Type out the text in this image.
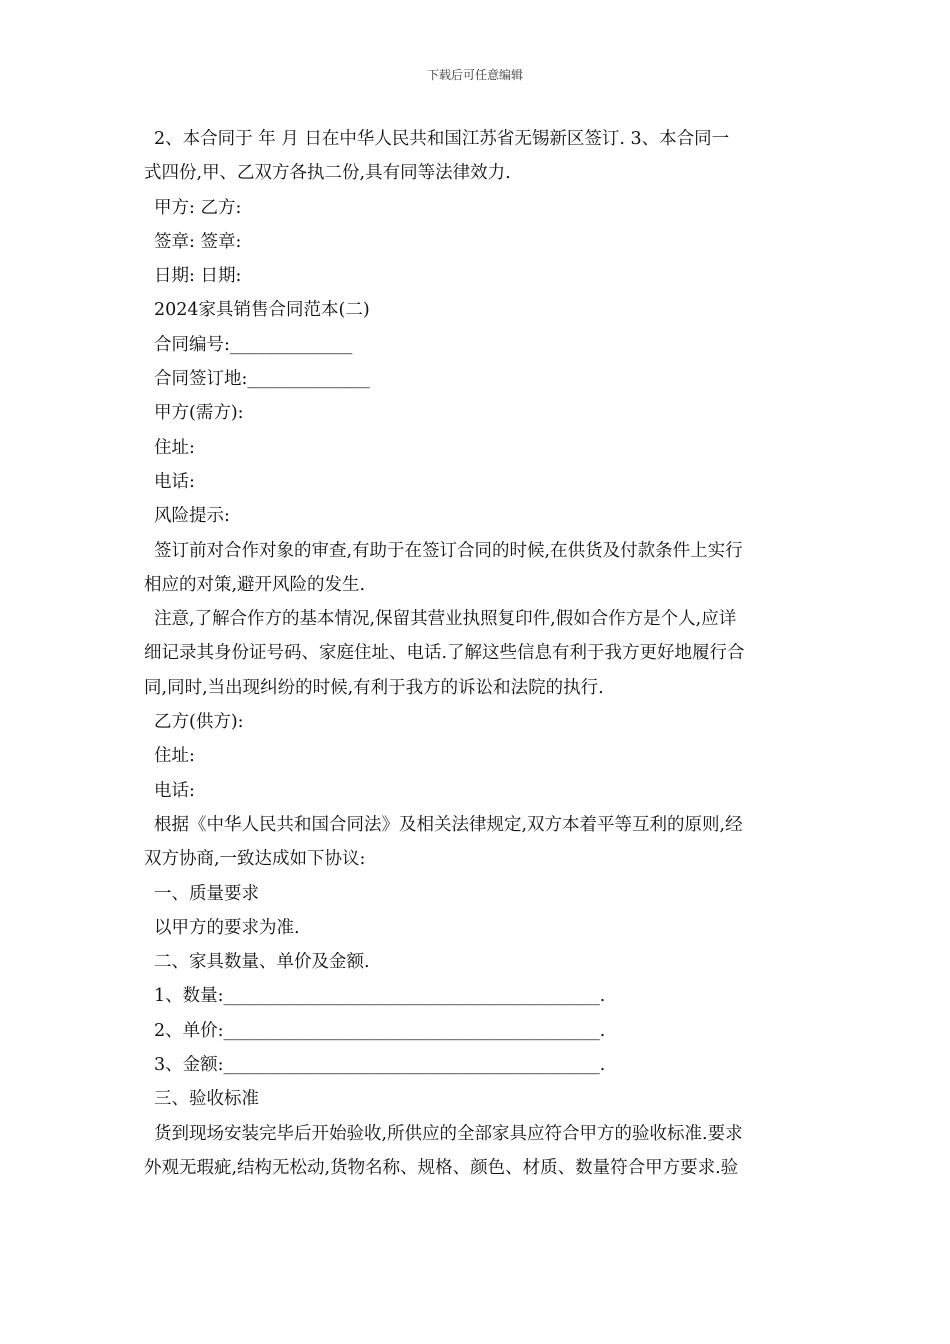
下载后可任意编辑
2、本合同于 年 月 日在中华人民共和国江苏省无锡新区签订. 3、本合同一
式四份,甲、乙双方各执二份,具有同等法律效力.
甲方: 乙方:
签章: 签章:
日期: 日期:
2024家具销售合同范本(二)
合同编号:______________
合同签订地:______________
甲方(需方):
住址:
电话:
风险提示:
签订前对合作对象的审查,有助于在签订合同的时候,在供货及付款条件上实行
相应的对策,避开风险的发生.
注意,了解合作方的基本情况,保留其营业执照复印件,假如合作方是个人,应详
细记录其身份证号码、家庭住址、电话.了解这些信息有利于我方更好地履行合
同,同时,当出现纠纷的时候,有利于我方的诉讼和法院的执行.
乙方(供方):
住址:
电话:
根据《中华人民共和国合同法》及相关法律规定,双方本着平等互利的原则,经
双方协商,一致达成如下协议:
一、质量要求
以甲方的要求为准.
二、家具数量、单价及金额.
1、数量:___________________________________________.
2、单价:___________________________________________.
3、金额:___________________________________________.
三、验收标准
货到现场安装完毕后开始验收,所供应的全部家具应符合甲方的验收标准.要求
外观无瑕疵,结构无松动,货物名称、规格、颜色、材质、数量符合甲方要求.验
